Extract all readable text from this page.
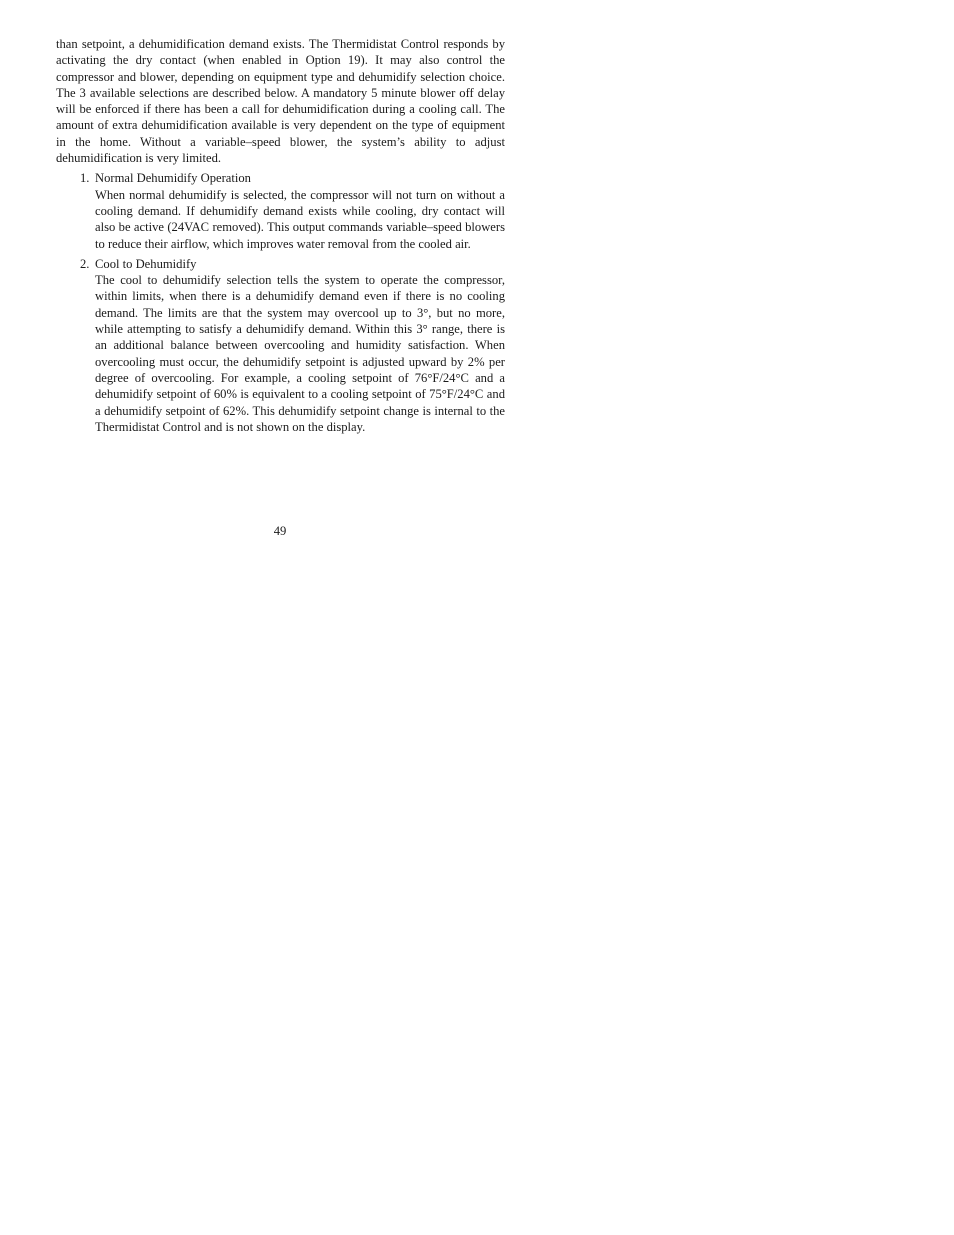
than setpoint, a dehumidification demand exists. The Thermidistat Control responds by activating the dry contact (when enabled in Option 19). It may also control the compressor and blower, depending on equipment type and dehumidify selection choice. The 3 available selections are described below. A mandatory 5 minute blower off delay will be enforced if there has been a call for dehumidification during a cooling call. The amount of extra dehumidification available is very dependent on the type of equipment in the home. Without a variable–speed blower, the system’s ability to adjust dehumidification is very limited.

1. Normal Dehumidify Operation
When normal dehumidify is selected, the compressor will not turn on without a cooling demand. If dehumidify demand exists while cooling, dry contact will also be active (24VAC removed). This output commands variable–speed blowers to reduce their airflow, which improves water removal from the cooled air.
2. Cool to Dehumidify
The cool to dehumidify selection tells the system to operate the compressor, within limits, when there is a dehumidify demand even if there is no cooling demand. The limits are that the system may overcool up to 3°, but no more, while attempting to satisfy a dehumidify demand. Within this 3° range, there is an additional balance between overcooling and humidity satisfaction. When overcooling must occur, the dehumidify setpoint is adjusted upward by 2% per degree of overcooling. For example, a cooling setpoint of 76°F/24°C and a dehumidify setpoint of 60% is equivalent to a cooling setpoint of 75°F/24°C and a dehumidify setpoint of 62%. This dehumidify setpoint change is internal to the Thermidistat Control and is not shown on the display.
49
